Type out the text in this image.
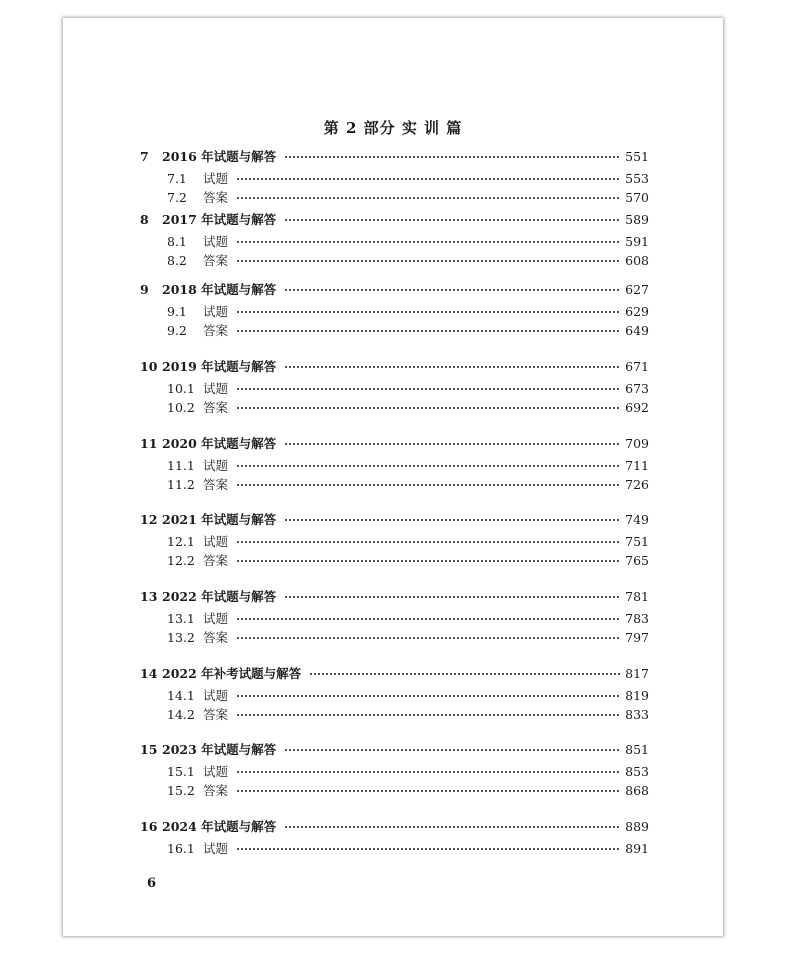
第 2 部分 实 训 篇
7	2016 年试题与解答	551
7.1	试题	553
7.2	答案	570
8	2017 年试题与解答	589
8.1	试题	591
8.2	答案	608
9	2018 年试题与解答	627
9.1	试题	629
9.2	答案	649
10 2019 年试题与解答	671
10.1 试题	673
10.2 答案	692
11 2020 年试题与解答	709
11.1 试题	711
11.2 答案	726
12 2021 年试题与解答	749
12.1 试题	751
12.2 答案	765
13 2022 年试题与解答	781
13.1 试题	783
13.2 答案	797
14 2022 年补考试题与解答	817
14.1 试题	819
14.2 答案	833
15 2023 年试题与解答	851
15.1 试题	853
15.2 答案	868
16 2024 年试题与解答	889
16.1 试题	891
6
